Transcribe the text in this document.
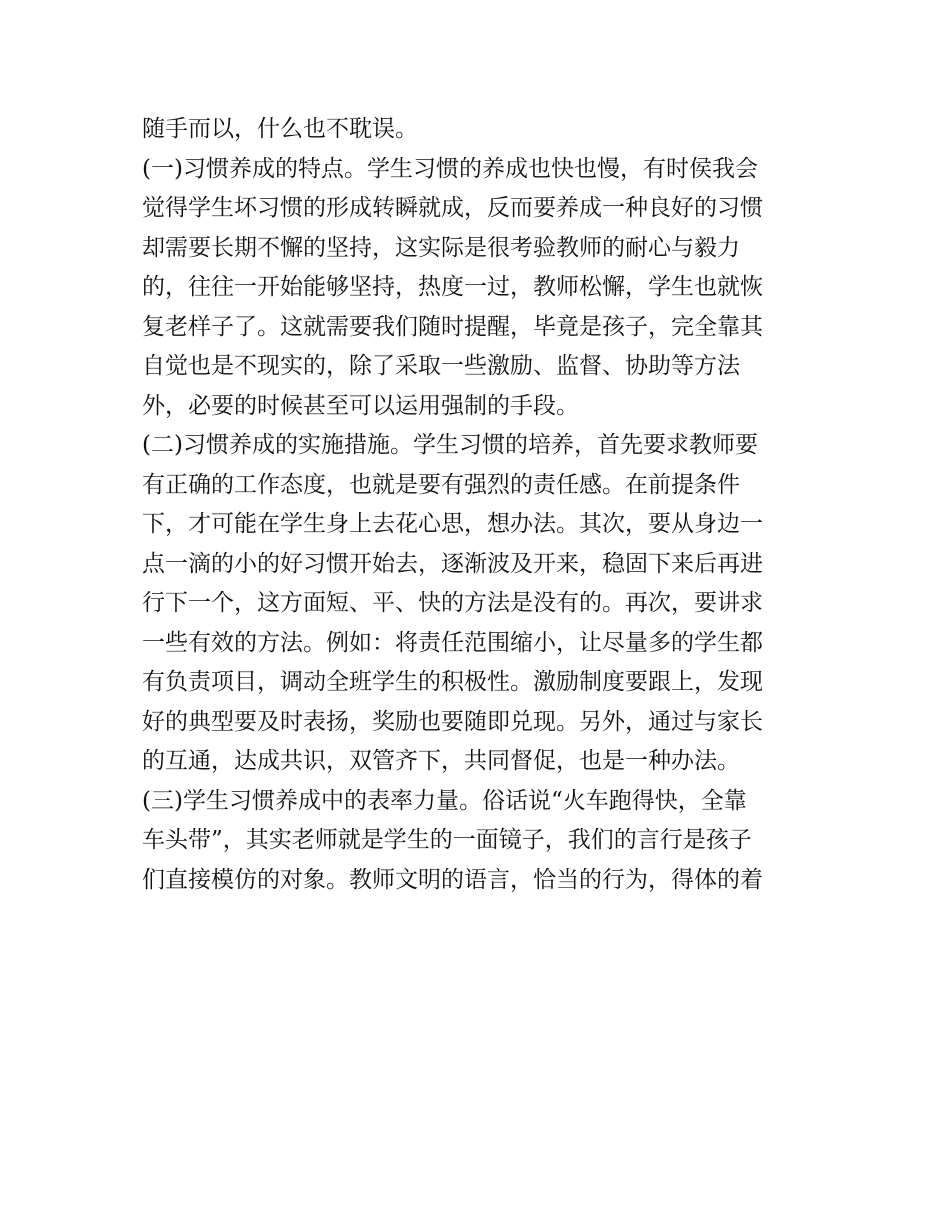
随手而以，什么也不耽误。
(一)习惯养成的特点。学生习惯的养成也快也慢，有时侯我会
觉得学生坏习惯的形成转瞬就成，反而要养成一种良好的习惯
却需要长期不懈的坚持，这实际是很考验教师的耐心与毅力
的，往往一开始能够坚持，热度一过，教师松懈，学生也就恢
复老样子了。这就需要我们随时提醒，毕竟是孩子，完全靠其
自觉也是不现实的，除了采取一些激励、监督、协助等方法
外，必要的时候甚至可以运用强制的手段。
(二)习惯养成的实施措施。学生习惯的培养，首先要求教师要
有正确的工作态度，也就是要有强烈的责任感。在前提条件
下，才可能在学生身上去花心思，想办法。其次，要从身边一
点一滴的小的好习惯开始去，逐渐波及开来，稳固下来后再进
行下一个，这方面短、平、快的方法是没有的。再次，要讲求
一些有效的方法。例如：将责任范围缩小，让尽量多的学生都
有负责项目，调动全班学生的积极性。激励制度要跟上，发现
好的典型要及时表扬，奖励也要随即兑现。另外，通过与家长
的互通，达成共识，双管齐下，共同督促，也是一种办法。
(三)学生习惯养成中的表率力量。俗话说“火车跑得快，全靠
车头带”，其实老师就是学生的一面镜子，我们的言行是孩子
们直接模仿的对象。教师文明的语言，恰当的行为，得体的着
